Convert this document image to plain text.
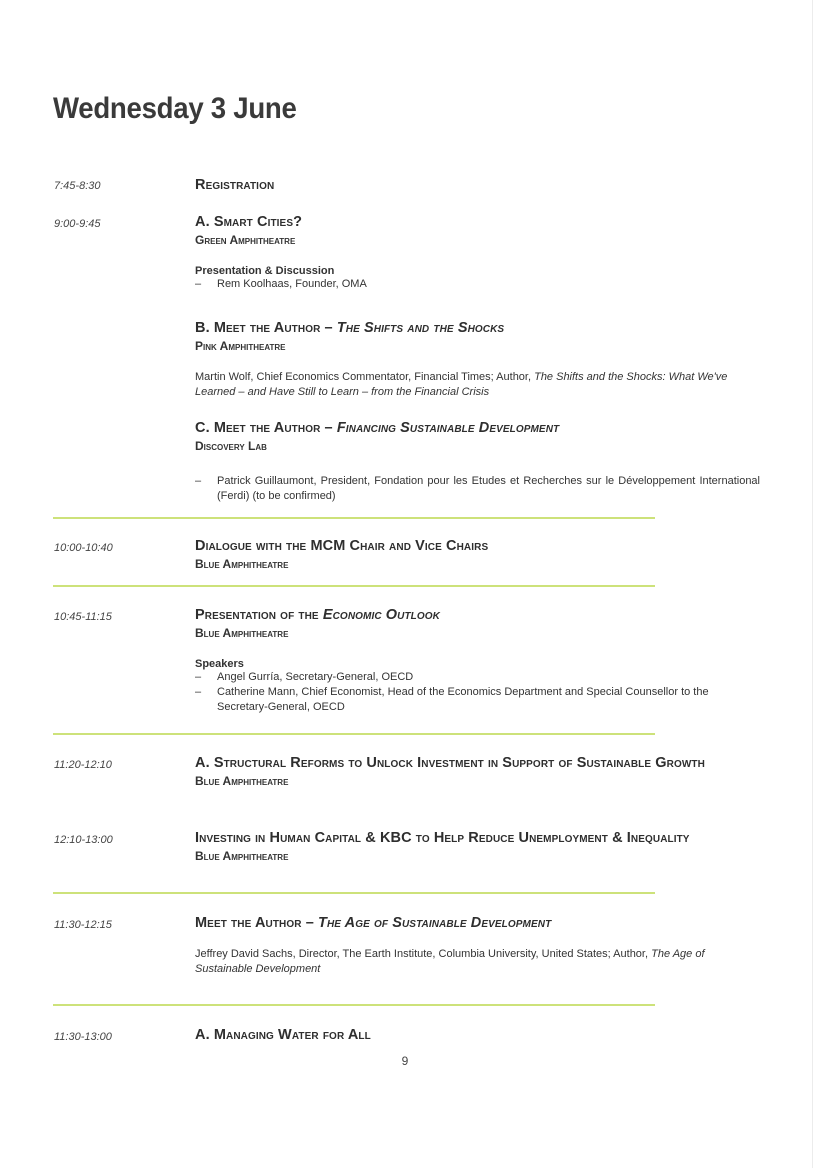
Wednesday 3 June
7:45-8:30	Registration
9:00-9:45	A. Smart Cities?
Green Amphitheatre
Presentation & Discussion
–	Rem Koolhaas, Founder, OMA
B. Meet the Author – The Shifts and the Shocks
Pink Amphitheatre
Martin Wolf, Chief Economics Commentator, Financial Times; Author, The Shifts and the Shocks: What We've Learned – and Have Still to Learn – from the Financial Crisis
C. Meet the Author – Financing Sustainable Development
Discovery Lab
–	Patrick Guillaumont, President, Fondation pour les Etudes et Recherches sur le Développement International (Ferdi) (to be confirmed)
10:00-10:40	Dialogue with the MCM Chair and Vice Chairs
Blue Amphitheatre
10:45-11:15	Presentation of the Economic Outlook
Blue Amphitheatre
Speakers
–	Angel Gurría, Secretary-General, OECD
–	Catherine Mann, Chief Economist, Head of the Economics Department and Special Counsellor to the Secretary-General, OECD
11:20-12:10	A. Structural Reforms to Unlock Investment in Support of Sustainable Growth
Blue Amphitheatre
12:10-13:00	Investing in Human Capital & KBC to Help Reduce Unemployment & Inequality
Blue Amphitheatre
11:30-12:15	Meet the Author – The Age of Sustainable Development
Jeffrey David Sachs, Director, The Earth Institute, Columbia University, United States; Author, The Age of Sustainable Development
11:30-13:00	A. Managing Water for All
9
